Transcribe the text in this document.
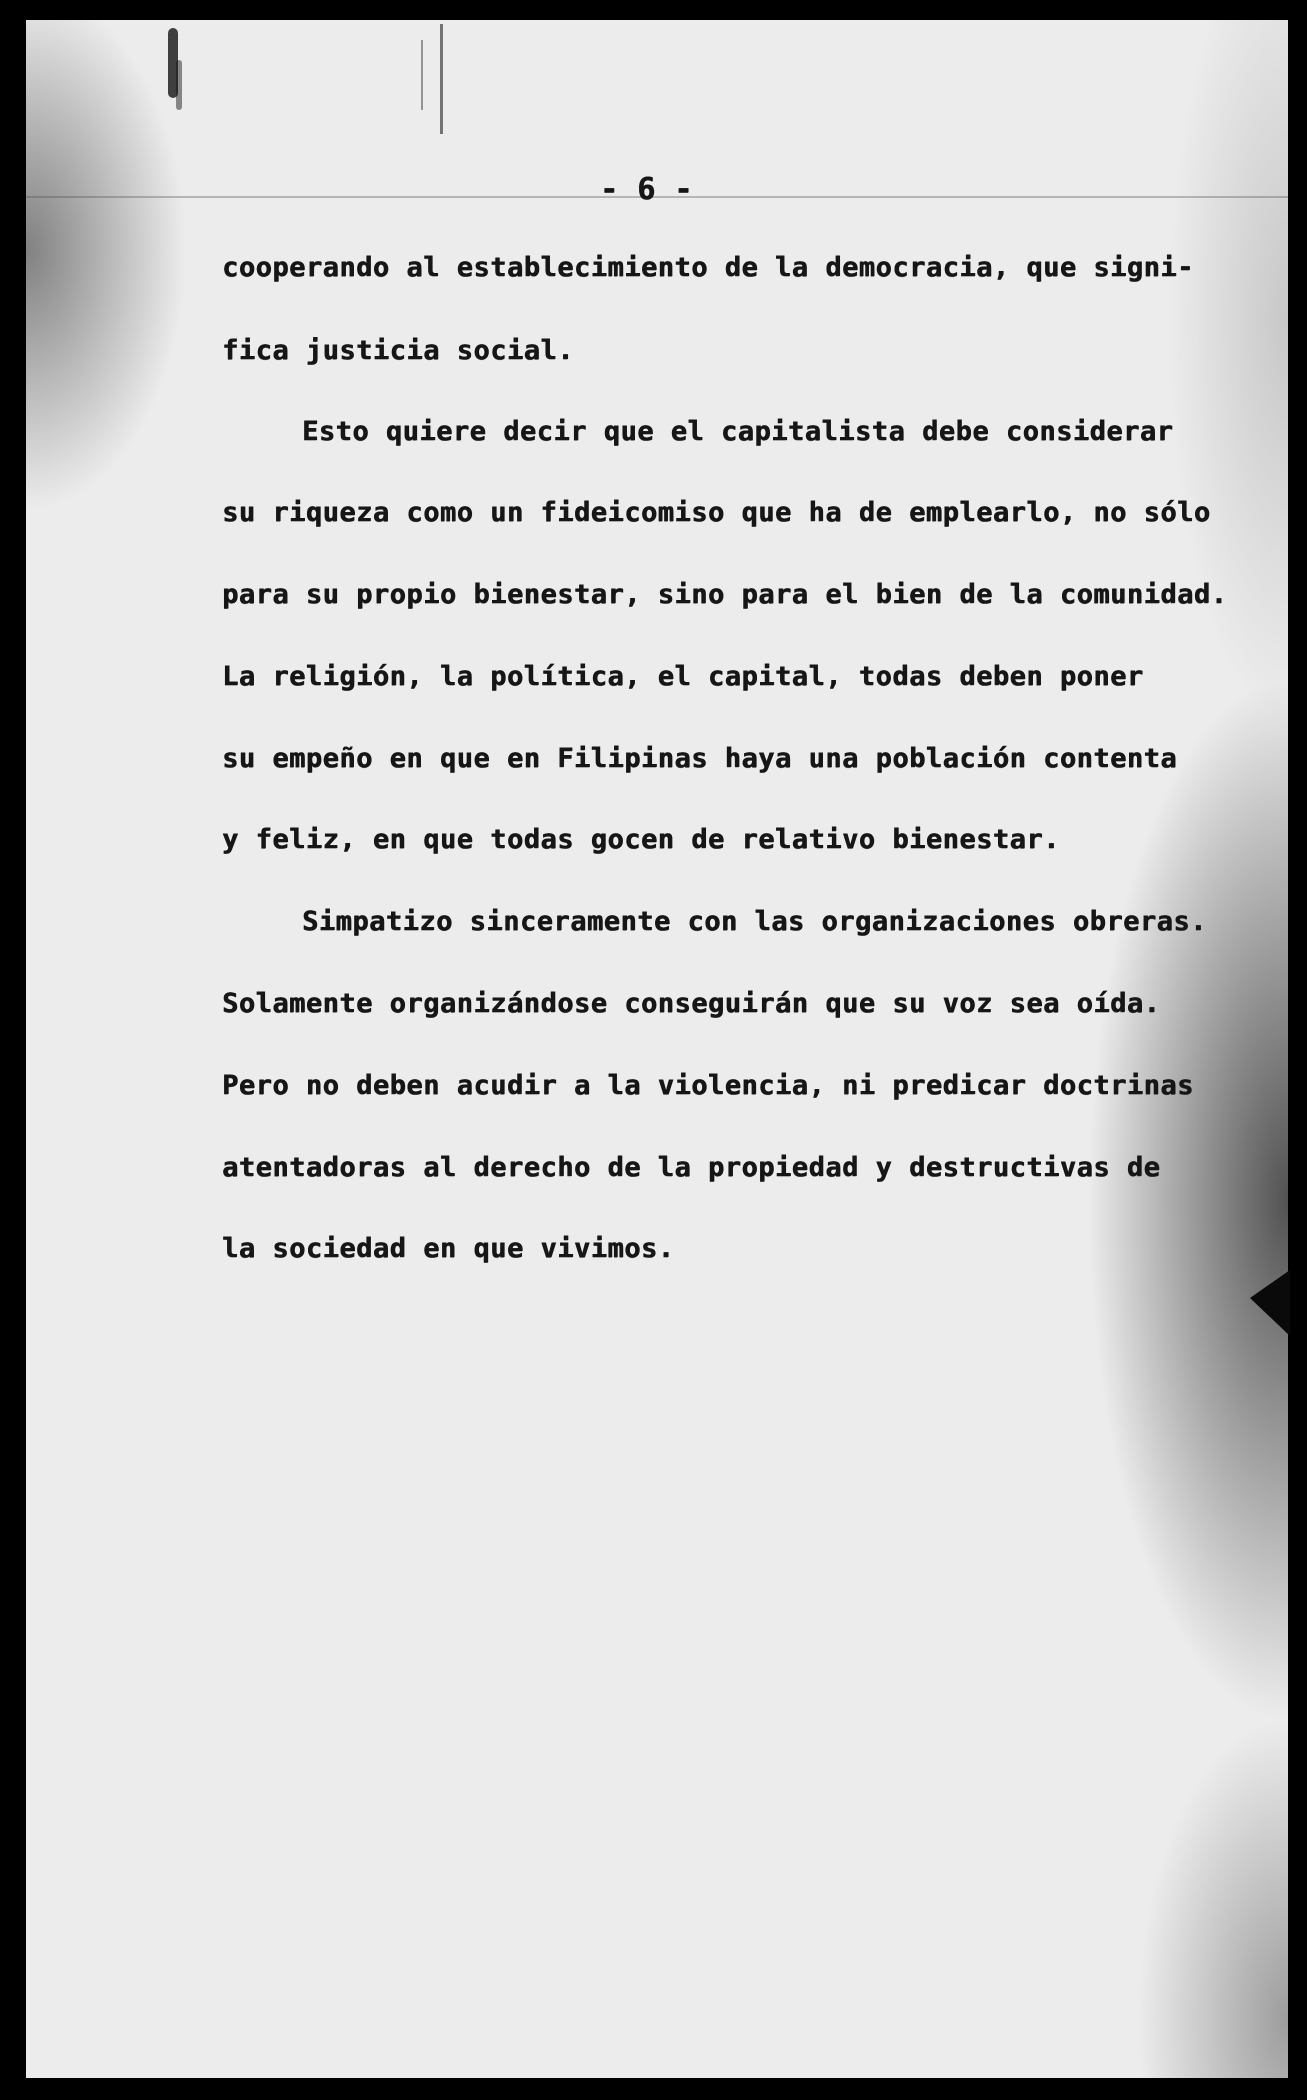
- 6 -
cooperando al establecimiento de la democracia, que signi-
fica justicia social.
Esto quiere decir que el capitalista debe considerar
su riqueza como un fideicomiso que ha de emplearlo, no sólo
para su propio bienestar, sino para el bien de la comunidad.
La religión, la política, el capital, todas deben poner
su empeño en que en Filipinas haya una población contenta
y feliz, en que todas gocen de relativo bienestar.
Simpatizo sinceramente con las organizaciones obreras.
Solamente organizándose conseguirán que su voz sea oída.
Pero no deben acudir a la violencia, ni predicar doctrinas
atentadoras al derecho de la propiedad y destructivas de
la sociedad en que vivimos.
